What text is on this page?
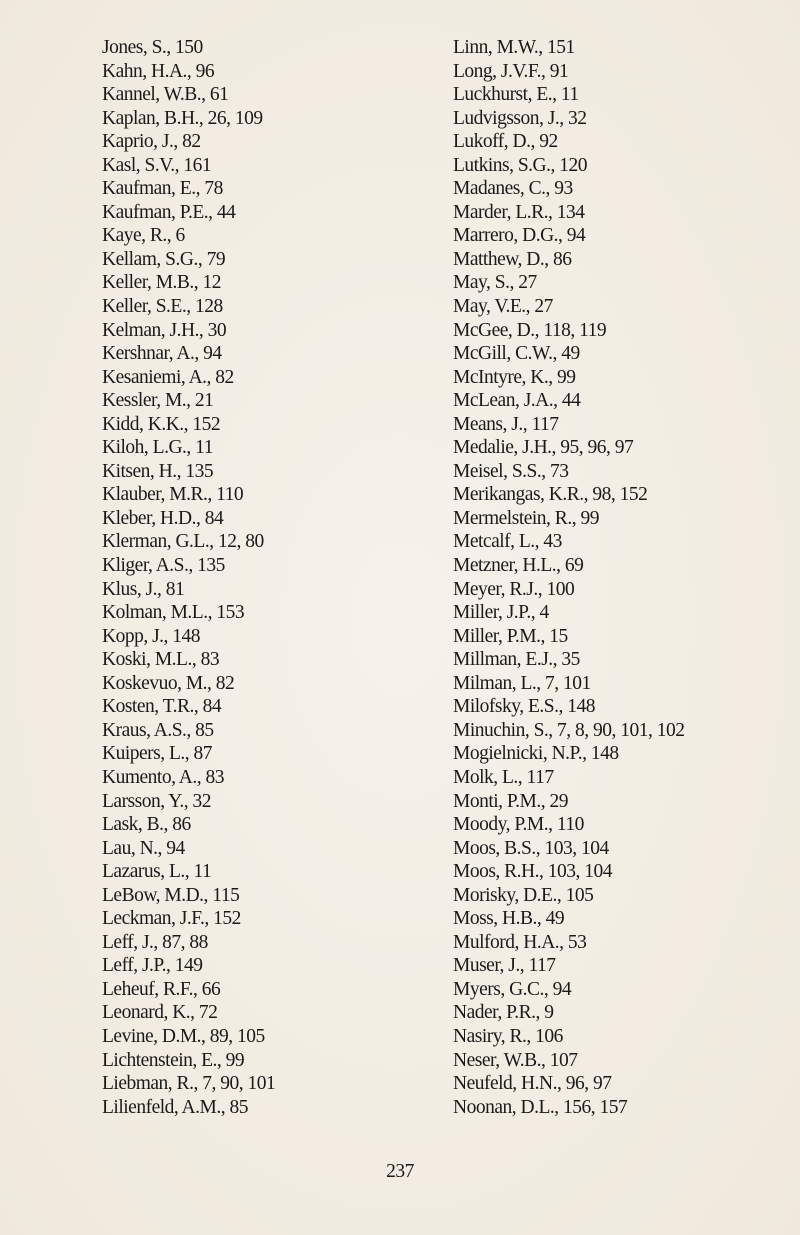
Jones, S., 150
Kahn, H.A., 96
Kannel, W.B., 61
Kaplan, B.H., 26, 109
Kaprio, J., 82
Kasl, S.V., 161
Kaufman, E., 78
Kaufman, P.E., 44
Kaye, R., 6
Kellam, S.G., 79
Keller, M.B., 12
Keller, S.E., 128
Kelman, J.H., 30
Kershnar, A., 94
Kesaniemi, A., 82
Kessler, M., 21
Kidd, K.K., 152
Kiloh, L.G., 11
Kitsen, H., 135
Klauber, M.R., 110
Kleber, H.D., 84
Klerman, G.L., 12, 80
Kliger, A.S., 135
Klus, J., 81
Kolman, M.L., 153
Kopp, J., 148
Koski, M.L., 83
Koskevuo, M., 82
Kosten, T.R., 84
Kraus, A.S., 85
Kuipers, L., 87
Kumento, A., 83
Larsson, Y., 32
Lask, B., 86
Lau, N., 94
Lazarus, L., 11
LeBow, M.D., 115
Leckman, J.F., 152
Leff, J., 87, 88
Leff, J.P., 149
Leheuf, R.F., 66
Leonard, K., 72
Levine, D.M., 89, 105
Lichtenstein, E., 99
Liebman, R., 7, 90, 101
Lilienfeld, A.M., 85
Linn, M.W., 151
Long, J.V.F., 91
Luckhurst, E., 11
Ludvigsson, J., 32
Lukoff, D., 92
Lutkins, S.G., 120
Madanes, C., 93
Marder, L.R., 134
Marrero, D.G., 94
Matthew, D., 86
May, S., 27
May, V.E., 27
McGee, D., 118, 119
McGill, C.W., 49
McIntyre, K., 99
McLean, J.A., 44
Means, J., 117
Medalie, J.H., 95, 96, 97
Meisel, S.S., 73
Merikangas, K.R., 98, 152
Mermelstein, R., 99
Metcalf, L., 43
Metzner, H.L., 69
Meyer, R.J., 100
Miller, J.P., 4
Miller, P.M., 15
Millman, E.J., 35
Milman, L., 7, 101
Milofsky, E.S., 148
Minuchin, S., 7, 8, 90, 101, 102
Mogielnicki, N.P., 148
Molk, L., 117
Monti, P.M., 29
Moody, P.M., 110
Moos, B.S., 103, 104
Moos, R.H., 103, 104
Morisky, D.E., 105
Moss, H.B., 49
Mulford, H.A., 53
Muser, J., 117
Myers, G.C., 94
Nader, P.R., 9
Nasiry, R., 106
Neser, W.B., 107
Neufeld, H.N., 96, 97
Noonan, D.L., 156, 157
237
